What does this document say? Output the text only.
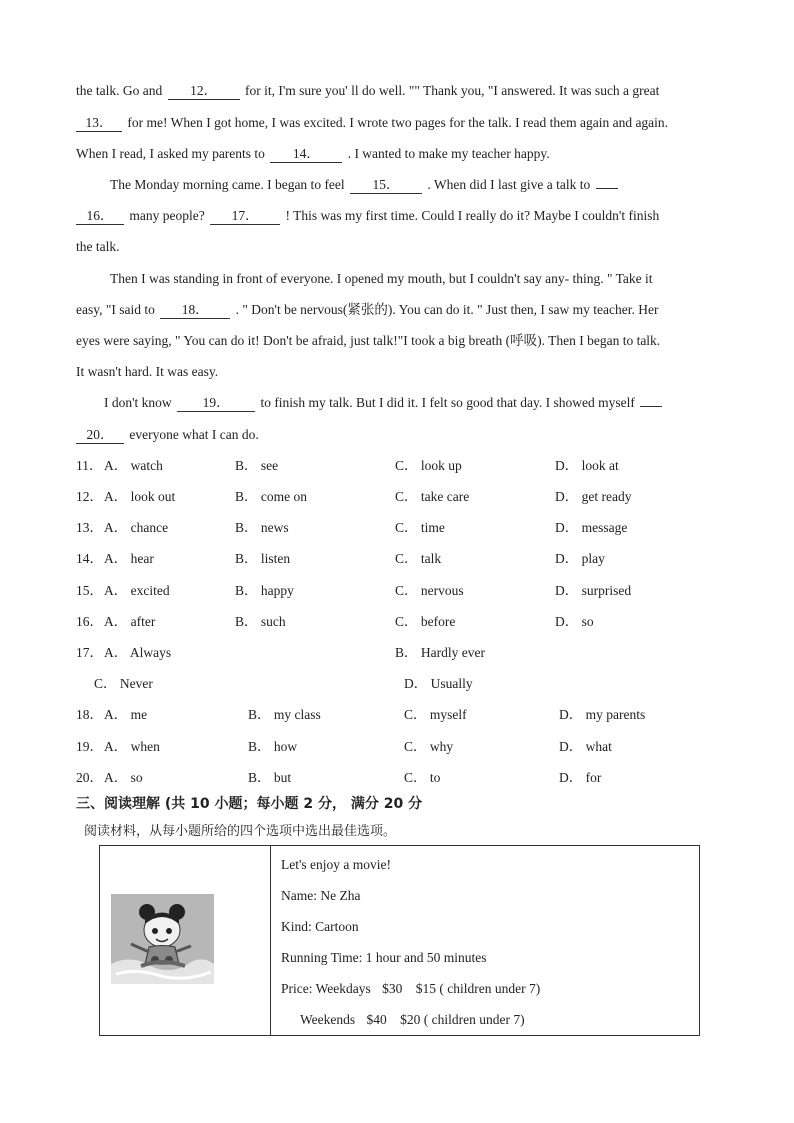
the talk. Go and 12． for it, I'm sure you' ll do well. "" Thank you, "I answered. It was such a great
13． for me! When I got home, I was excited. I wrote two pages for the talk. I read them again and again.
When I read, I asked my parents to 14． . I wanted to make my teacher happy.
The Monday morning came. I began to feel 15． . When did I last give a talk to
16． many people? 17． ! This was my first time. Could I really do it? Maybe I couldn't finish
the talk.
Then I was standing in front of everyone. I opened my mouth, but I couldn't say any- thing. " Take it
easy, "I said to 18． . " Don't be nervous(紧张的). You can do it. " Just then, I saw my teacher. Her
eyes were saying, " You can do it! Don't be afraid, just talk!"I took a big breath (呼吸). Then I began to talk.
It wasn't hard. It was easy.
I don't know 19． to finish my talk. But I did it. I felt so good that day. I showed myself
20． everyone what I can do.
11． A． watch	B． see	C． look up	D． look at
12． A． look out	B． come on	C． take care	D． get ready
13． A． chance	B． news	C． time	D． message
14． A． hear	B． listen	C． talk	D． play
15． A． excited	B． happy	C． nervous	D． surprised
16． A． after	B． such	C． before	D． so
17． A． Always	B． Hardly ever
C． Never	D． Usually
18． A． me	B． my class	C． myself	D． my parents
19． A． when	B． how	C． why	D． what
20． A． so	B． but	C． to	D． for
三、阅读理解 (共 10 小题；每小题 2 分， 满分 20 分
阅读材料，从每小题所给的四个选项中选出最佳选项。

Let's enjoy a movie!
Name: Ne Zha
Kind: Cartoon
Running Time: 1 hour and 50 minutes
Price: Weekdays $30 $15 ( children under 7)
Weekends $40 $20 ( children under 7)
